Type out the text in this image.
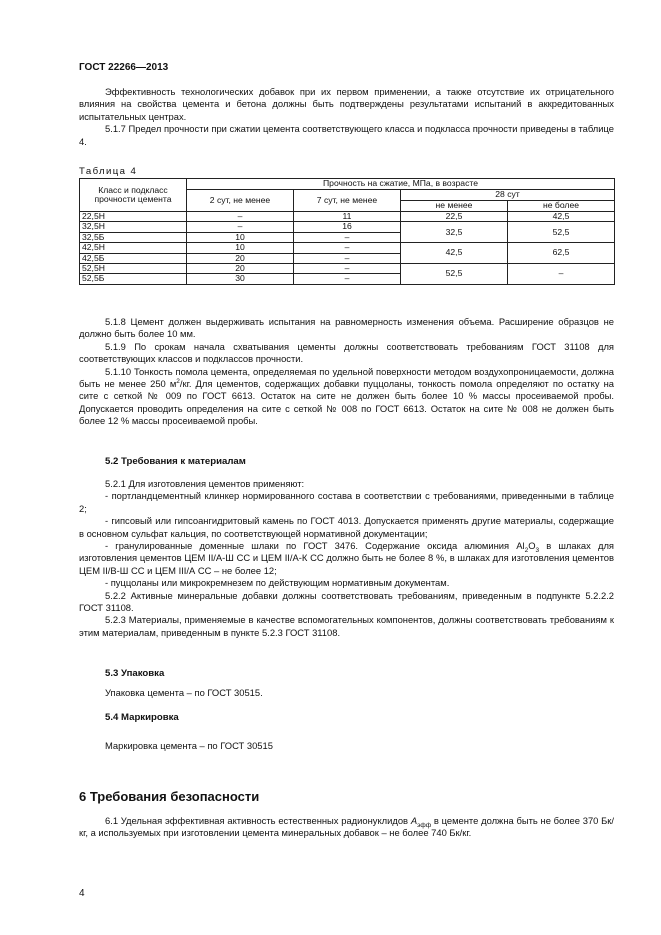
ГОСТ 22266—2013

Эффективность технологических добавок при их первом применении, а также отсутствие их отрицательного влияния на свойства цемента и бетона должны быть подтверждены результатами испытаний в аккредитованных испытательных центрах.

5.1.7 Предел прочности при сжатии цемента соответствующего класса и подкласса прочности приведены в таблице 4.

Таблица 4
Класс и подкласс прочности цемента	Прочность на сжатие, МПа, в возрасте			
	2 сут, не менее	7 сут, не менее	28 сут	
			не менее	не более
22,5Н	–	11	22,5	42,5
32,5Н	–	16	32,5	52,5
32,5Б	10	–		
42,5Н	10	–	42,5	62,5
42,5Б	20	–		
52,5Н	20	–	52,5	–
52,5Б	30	–		

5.1.8 Цемент должен выдерживать испытания на равномерность изменения объема. Расширение образцов не должно быть более 10 мм.

5.1.9 По срокам начала схватывания цементы должны соответствовать требованиям ГОСТ 31108 для соответствующих классов и подклассов прочности.

5.1.10 Тонкость помола цемента, определяемая по удельной поверхности методом воздухопроницаемости, должна быть не менее 250 $м^2/кг$. Для цементов, содержащих добавки пуццоланы, тонкость помола определяют по остатку на сите с сеткой № 009 по ГОСТ 6613. Остаток на сите не должен быть более 10 % массы просеиваемой пробы. Допускается проводить определения на сите с сеткой № 008 по ГОСТ 6613. Остаток на сите № 008 не должен быть более 12 % массы просеиваемой пробы.

5.2 Требования к материалам

5.2.1 Для изготовления цементов применяют:

- портландцементный клинкер нормированного состава в соответствии с требованиями, приведенными в таблице 2;

- гипсовый или гипсоангидритовый камень по ГОСТ 4013. Допускается применять другие материалы, содержащие в основном сульфат кальция, по соответствующей нормативной документации;

- гранулированные доменные шлаки по ГОСТ 3476. Содержание оксида алюминия $Al_2O_3$ в шлаках для изготовления цементов ЦЕМ II/А-Ш СС и ЦЕМ II/А-К СС должно быть не более 8 %, в шлаках для изготовления цементов ЦЕМ II/В-Ш СС и ЦЕМ III/А СС – не более 12;

- пуццоланы или микрокремнезем по действующим нормативным документам.

5.2.2 Активные минеральные добавки должны соответствовать требованиям, приведенным в подпункте 5.2.2.2 ГОСТ 31108.

5.2.3 Материалы, применяемые в качестве вспомогательных компонентов, должны соответствовать требованиям к этим материалам, приведенным в пункте 5.2.3 ГОСТ 31108.

5.3 Упаковка
Упаковка цемента – по ГОСТ 30515.
5.4 Маркировка
Маркировка цемента – по ГОСТ 30515
6 Требования безопасности

6.1 Удельная эффективная активность естественных радионуклидов $A_{эфф}$ в цементе должна быть не более 370 Бк/кг, а используемых при изготовлении цемента минеральных добавок – не более 740 Бк/кг.

4
